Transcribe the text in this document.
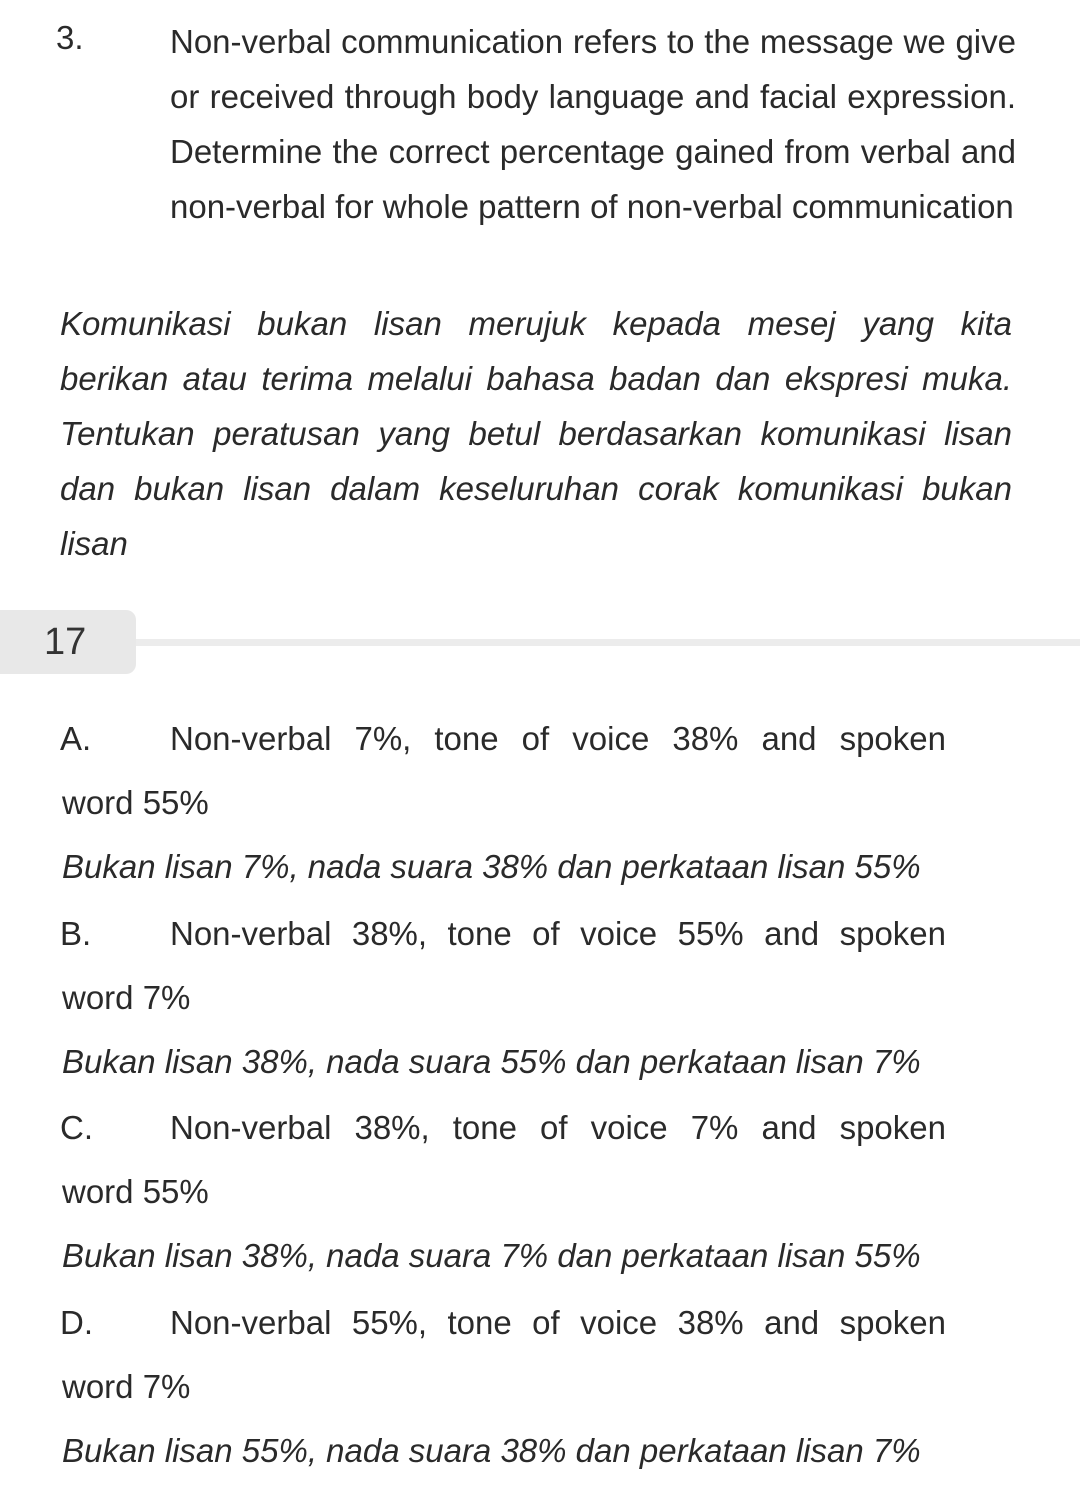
3.	Non-verbal communication refers to the message we give or received through body language and facial expression. Determine the correct percentage gained from verbal and non-verbal for whole pattern of non-verbal communication
Komunikasi bukan lisan merujuk kepada mesej yang kita berikan atau terima melalui bahasa badan dan ekspresi muka. Tentukan peratusan yang betul berdasarkan komunikasi lisan dan bukan lisan dalam keseluruhan corak komunikasi bukan lisan
17
A. Non-verbal 7%, tone of voice 38% and spoken
word 55%
Bukan lisan 7%, nada suara 38% dan perkataan lisan 55%
B. Non-verbal 38%, tone of voice 55% and spoken
word 7%
Bukan lisan 38%, nada suara 55% dan perkataan lisan 7%
C. Non-verbal 38%, tone of voice 7% and spoken
word 55%
Bukan lisan 38%, nada suara 7% dan perkataan lisan 55%
D. Non-verbal 55%, tone of voice 38% and spoken
word 7%
Bukan lisan 55%, nada suara 38% dan perkataan lisan 7%
